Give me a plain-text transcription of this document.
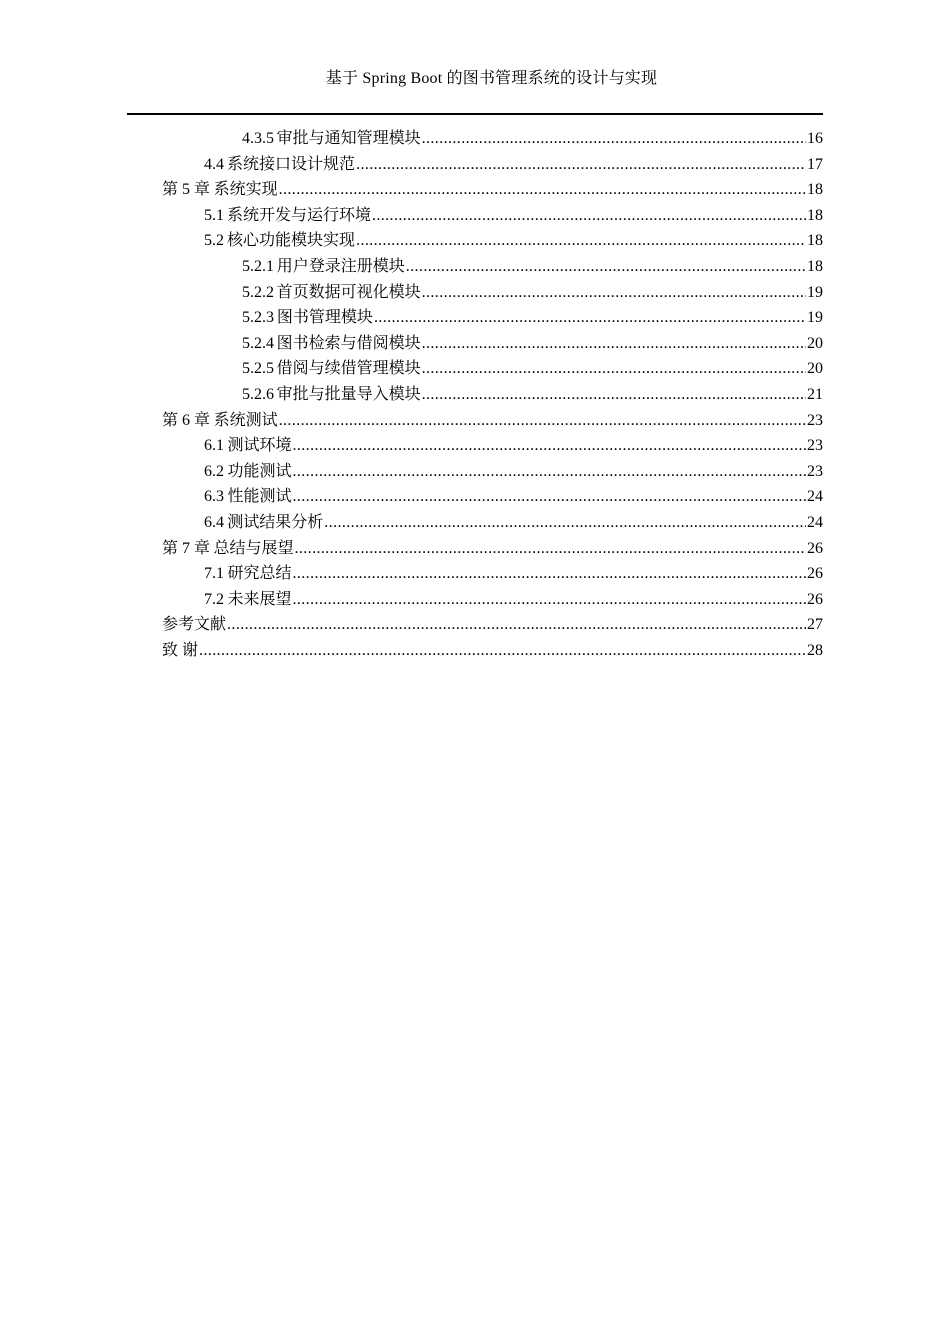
基于 Spring Boot 的图书管理系统的设计与实现
4.3.5 审批与通知管理模块 .....	16
4.4 系统接口设计规范 .....	17
第 5 章 系统实现 .....	18
5.1 系统开发与运行环境 .....	18
5.2 核心功能模块实现 .....	18
5.2.1 用户登录注册模块 .....	18
5.2.2 首页数据可视化模块 .....	19
5.2.3 图书管理模块 .....	19
5.2.4 图书检索与借阅模块 .....	20
5.2.5 借阅与续借管理模块 .....	20
5.2.6 审批与批量导入模块 .....	21
第 6 章 系统测试 .....	23
6.1 测试环境 .....	23
6.2 功能测试 .....	23
6.3 性能测试 .....	24
6.4 测试结果分析 .....	24
第 7 章 总结与展望 .....	26
7.1 研究总结 .....	26
7.2 未来展望 .....	26
参考文献 .....	27
致 谢 .....	28
